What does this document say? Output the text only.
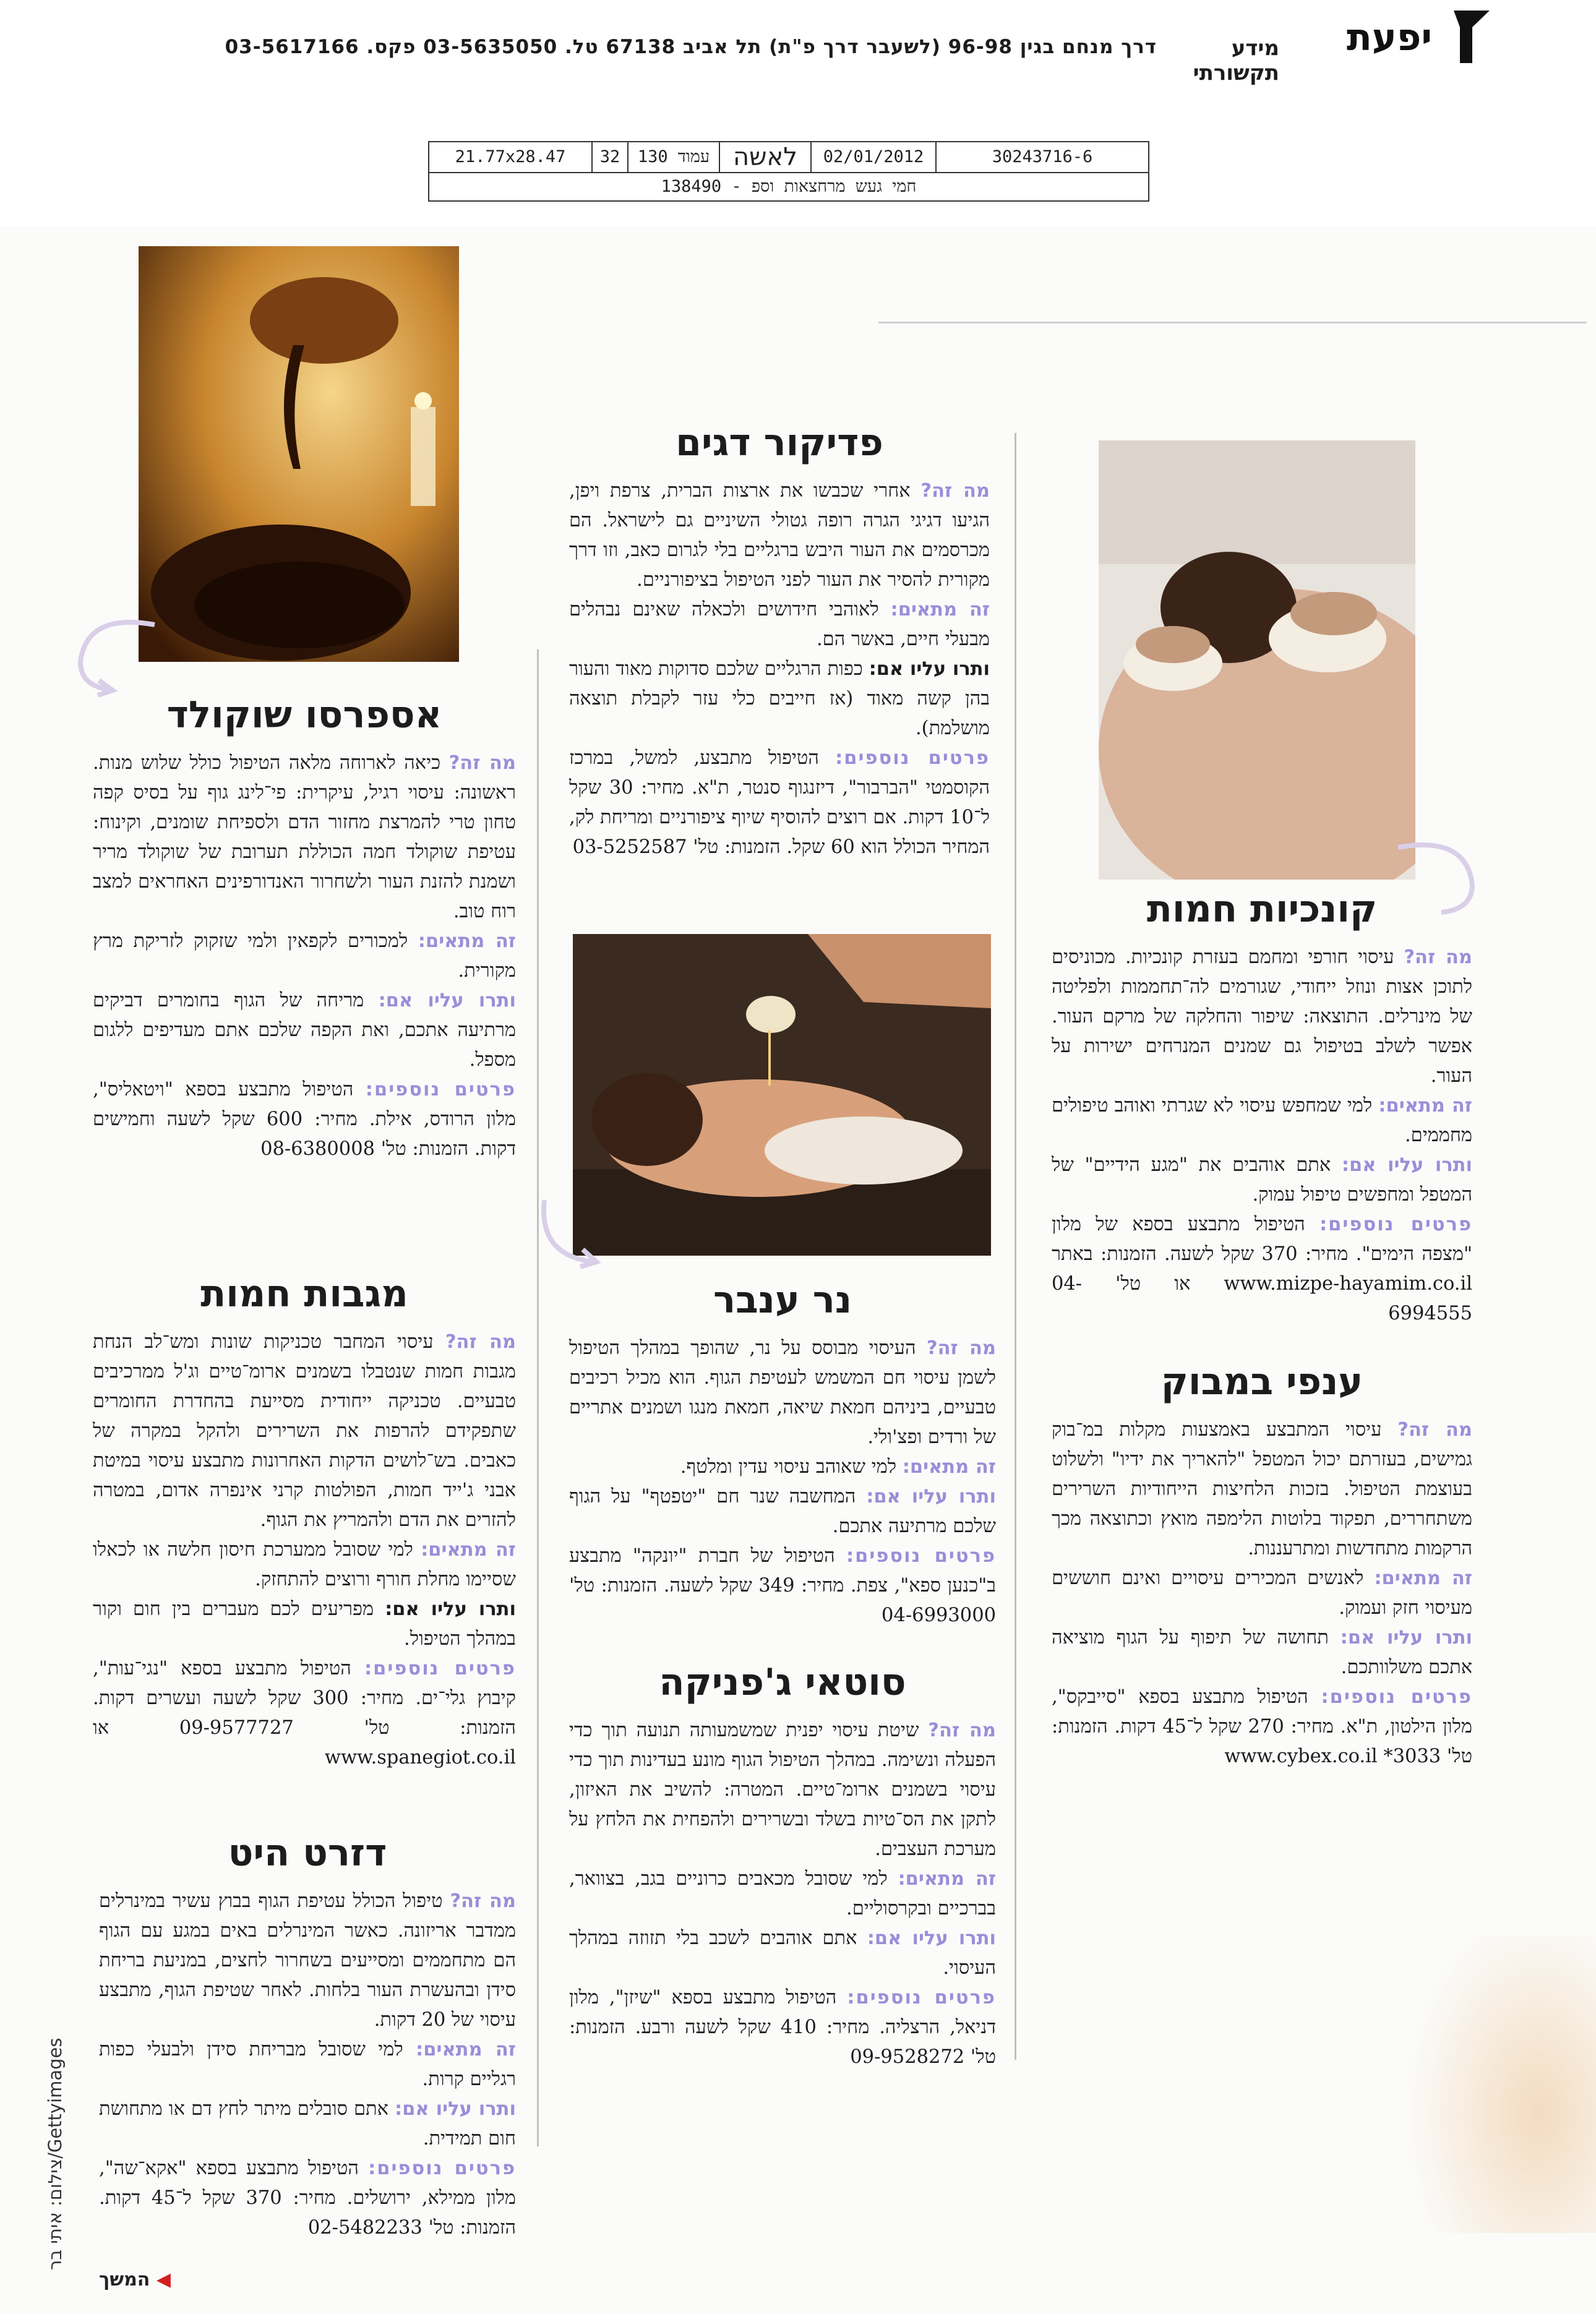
יפעת
מידע תקשורתי
דרך מנחם בגין 96-98 (לשעבר דרך פ"ת) תל אביב 67138 טל. 03-5635050 פקס. 03-5617166
21.77x28.47	32	עמוד 130 לאשה	02/01/2012	30243716-6
חמי געש מרחצאות וספ - 138490
פדיקור דגים

מה זה? אחרי שכבשו את ארצות הברית, צרפת ויפן, הגיעו דגיגי הגרה רופה גטולי השיניים גם לישראל. הם מכרסמים את העור היבש ברגליים בלי לגרום כאב, וזו דרך מקורית להסיר את העור לפני הטיפול בציפורניים.

זה מתאים: לאוהבי חידושים ולכאלה שאינם נבהלים מבעלי חיים, באשר הם.

ותרו עליו אם: כפות הרגליים שלכם סדוקות מאוד והעור בהן קשה מאוד (אז חייבים כלי עזר לקבלת תוצאה מושלמת).

פרטים נוספים: הטיפול מתבצע, למשל, במרכז הקוסמטי "הברבור", דיזנגוף סנטר, ת"א. מחיר: 30 שקל ל־10 דקות. אם רוצים להוסיף שיוף ציפורניים ומריחת לק, המחיר הכולל הוא 60 שקל. הזמנות: טל' 03-5252587

נר ענבר

מה זה? העיסוי מבוסס על נר, שהופך במהלך הטיפול לשמן עיסוי חם המשמש לעטיפת הגוף. הוא מכיל רכיבים טבעיים, ביניהם חמאת שיאה, חמאת מנגו ושמנים אתריים של ורדים ופצ'ולי.

זה מתאים: למי שאוהב עיסוי עדין ומלטף.

ותרו עליו אם: המחשבה שנר חם "יטפטף" על הגוף שלכם מרתיעה אתכם.

פרטים נוספים: הטיפול של חברת "יונקה" מתבצע ב"כנען ספא", צפת. מחיר: 349 שקל לשעה. הזמנות: טל' 04-6993000

סוטאי ג'פניקה

מה זה? שיטת עיסוי יפנית שמשמעותה תנועה תוך כדי הפעלה ונשימה. במהלך הטיפול הגוף מונע בעדינות תוך כדי עיסוי בשמנים ארומ־טיים. המטרה: להשיב את האיזון, לתקן את הס־טיות בשלד ובשרירים ולהפחית את הלחץ על מערכת העצבים.

זה מתאים: למי שסובל מכאבים כרוניים בגב, בצוואר, בברכיים ובקרסוליים.

ותרו עליו אם: אתם אוהבים לשכב בלי תזוזה במהלך העיסוי.

פרטים נוספים: הטיפול מתבצע בספא "שיזן", מלון דניאל, הרצליה. מחיר: 410 שקל לשעה ורבע. הזמנות: טל' 09-9528272

קונכיות חמות

מה זה? עיסוי חורפי ומחמם בעזרת קונכיות. מכוניסים לתוכן אצות ונוזל ייחודי, שגורמים לה־תחממות ולפליטה של מינרלים. התוצאה: שיפור והחלקה של מרקם העור. אפשר לשלב בטיפול גם שמנים המנרחים ישירות על העור.

זה מתאים: למי שמחפש עיסוי לא שגרתי ואוהב טיפולים מחממים.

ותרו עליו אם: אתם אוהבים את "מגע הידיים" של המטפל ומחפשים טיפול עמוק.

פרטים נוספים: הטיפול מתבצע בספא של מלון "מצפה הימים". מחיר: 370 שקל לשעה. הזמנות: באתר www.mizpe-hayamim.co.il או טל' 04-6994555

ענפי במבוק

מה זה? עיסוי המתבצע באמצעות מקלות במ־בוק גמישים, בעזרתם יכול המטפל "להאריך את ידיו" ולשלוט בעוצמת הטיפול. בזכות הלחיצות הייחודיות השרירים משתחררים, תפקוד בלוטות הלימפה מואץ וכתוצאה מכך הרקמות מתחדשות ומתרעננות.

זה מתאים: לאנשים המכירים עיסויים ואינם חוששים מעיסוי חזק ועמוק.

ותרו עליו אם: תחושה של תיפוף על הגוף מוציאה אתכם משלוותכם.

פרטים נוספים: הטיפול מתבצע בספא "סייבקס", מלון הילטון, ת"א. מחיר: 270 שקל ל־45 דקות. הזמנות: טל' 3033* www.cybex.co.il

אספרסו שוקולד

מה זה? כיאה לארוחה מלאה הטיפול כולל שלוש מנות. ראשונה: עיסוי רגיל, עיקרית: פי־לינג גוף על בסיס קפה טחון טרי להמרצת מחזור הדם ולספיחת שומנים, וקינוח: עטיפת שוקולד חמה הכוללת תערובת של שוקולד מריר ושמנת להזנת העור ולשחרור האנדורפינים האחראים למצב רוח טוב.

זה מתאים: למכורים לקפאין ולמי שזקוק לזריקת מרץ מקורית.

ותרו עליו אם: מריחה של הגוף בחומרים דביקים מרתיעה אתכם, ואת הקפה שלכם אתם מעדיפים ללגום מספל.

פרטים נוספים: הטיפול מתבצע בספא "ויטאליס", מלון הרודס, אילת. מחיר: 600 שקל לשעה וחמישים דקות. הזמנות: טל' 08-6380008

מגבות חמות

מה זה? עיסוי המחבר טכניקות שונות ומש־לב הנחת מגבות חמות שנטבלו בשמנים ארומ־טיים וג'ל ממרכיבים טבעיים. טכניקה ייחודית מסייעת בהחדרת החומרים שתפקידם להרפות את השרירים ולהקל במקרה של כאבים. בש־לושים הדקות האחרונות מתבצע עיסוי במיטת אבני ג'ייד חמות, הפולטות קרני אינפרה אדום, במטרה להזרים את הדם ולהמריץ את הגוף.

זה מתאים: למי שסובל ממערכת חיסון חלשה או לכאלו שסיימו מחלת חורף ורוצים להתחזק.

ותרו עליו אם: מפריעים לכם מעברים בין חום וקור במהלך הטיפול.

פרטים נוספים: הטיפול מתבצע בספא "נגי־עות", קיבוץ גלי־ים. מחיר: 300 שקל לשעה ועשרים דקות. הזמנות: טל' 09-9577727 או www.spanegiot.co.il

דזרט היט

מה זה? טיפול הכולל עטיפת הגוף בבוץ עשיר במינרלים ממדבר אריזונה. כאשר המינרלים באים במגע עם הגוף הם מתחממים ומסייעים בשחרור לחצים, במניעת בריחת סידן ובהעשרת העור בלחות. לאחר שטיפת הגוף, מתבצע עיסוי של 20 דקות.

זה מתאים: למי שסובל מבריחת סידן ולבעלי כפות רגליים קרות.

ותרו עליו אם: אתם סובלים מיתר לחץ דם או מתחושת חום תמידית.

פרטים נוספים: הטיפול מתבצע בספא "אקא־שה", מלון ממילא, ירושלים. מחיר: 370 שקל ל־45 דקות. הזמנות: טל' 02-5482233

צילום: איתי בר/Gettyimages
◀ המשך
